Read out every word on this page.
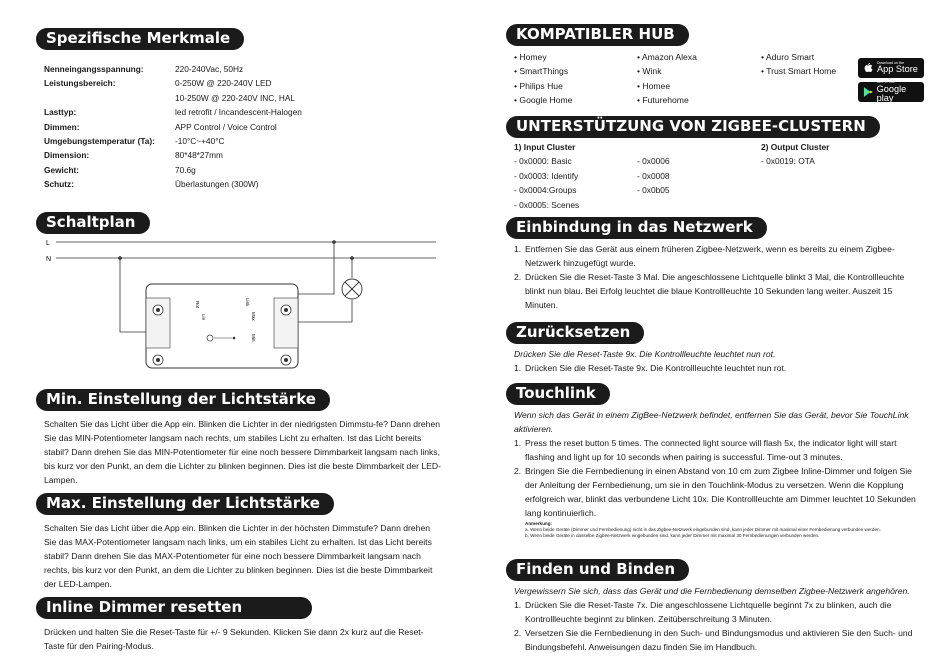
Spezifische Merkmale
Nenneingangsspannung:	220-240Vac, 50Hz
Leistungsbereich:	0-250W @ 220-240V LED
10-250W @ 220-240V INC, HAL
Lasttyp:	led retrofit / Incandescent-Halogen
Dimmen:	APP Control / Voice Control
Umgebungstemperatur (Ta):	-10°C~+40°C
Dimension:	80*48*27mm
Gewicht:	70.6g
Schutz:	Überlastungen (300W)
Schaltplan
L
N
Rot
Lin
Link
Max
Min.
Min. Einstellung der Lichtstärke
Schalten Sie das Licht über die App ein. Blinken die Lichter in der niedrigsten Dimmstu-fe? Dann drehen Sie das MIN-Potentiometer langsam nach rechts, um stabiles Licht zu erhalten. Ist das Licht bereits stabil? Dann drehen Sie das MIN-Potentiometer für eine noch bessere Dimmbarkeit langsam nach links, bis kurz vor den Punkt, an dem die Lichter zu blinken beginnen. Dies ist die beste Dimmbarkeit der LED-Lampen.
Max. Einstellung der Lichtstärke
Schalten Sie das Licht über die App ein. Blinken die Lichter in der höchsten Dimmstufe? Dann drehen Sie das MAX-Potentiometer langsam nach links, um ein stabiles Licht zu erhalten. Ist das Licht bereits stabil? Dann drehen Sie das MAX-Potentiometer für eine noch bessere Dimmbarkeit langsam nach rechts, bis kurz vor den Punkt, an dem die Lichter zu blinken beginnen. Dies ist die beste Dimmbarkeit der LED-Lampen.
Inline Dimmer resetten
Drücken und halten Sie die Reset-Taste für +/- 9 Sekunden. Klicken Sie dann 2x kurz auf die Reset-Taste für den Pairing-Modus.
KOMPATIBLER HUB
• Homey
• SmartThings
• Philips Hue
• Google Home
• Amazon Alexa
• Wink
• Homee
• Futurehome
• Aduro Smart
• Trust Smart Home
Download on the
App Store
GET IT ON
Google play
UNTERSTÜTZUNG VON ZIGBEE-CLUSTERN
1) Input Cluster
- 0x0000: Basic
- 0x0003: Identify
- 0x0004:Groups
- 0x0005: Scenes

- 0x0006
- 0x0008
- 0x0b05
2) Output Cluster
- 0x0019: OTA
Einbindung in das Netzwerk
1. Entfernen Sie das Gerät aus einem früheren Zigbee-Netzwerk, wenn es bereits zu einem Zigbee-Netzwerk hinzugefügt wurde.
2. Drücken Sie die Reset-Taste 3 Mal. Die angeschlossene Lichtquelle blinkt 3 Mal, die Kontrollleuchte blinkt nun blau. Bei Erfolg leuchtet die blaue Kontrollleuchte 10 Sekunden lang weiter. Auszeit 15 Minuten.
Zurücksetzen
Drücken Sie die Reset-Taste 9x. Die Kontrollleuchte leuchtet nun rot.
1. Drücken Sie die Reset-Taste 9x. Die Kontrollleuchte leuchtet nun rot.
Touchlink
Wenn sich das Gerät in einem ZigBee-Netzwerk befindet, entfernen Sie das Gerät, bevor Sie TouchLink aktivieren.
1. Press the reset button 5 times. The connected light source will flash 5x, the indicator light will start flashing and light up for 10 seconds when pairing is successful. Time-out 3 minutes.
2. Bringen Sie die Fernbedienung in einen Abstand von 10 cm zum Zigbee Inline-Dimmer und folgen Sie der Anleitung der Fernbedienung, um sie in den Touchlink-Modus zu versetzen. Wenn die Kopplung erfolgreich war, blinkt das verbundene Licht 10x. Die Kontrollleuchte am Dimmer leuchtet 10 Sekunden lang kontinuierlich.
Anmerkung:
a. Wenn beide Geräte (Dimmer und Fernbedienung) nicht in das Zigbee-Netzwerk eingebunden sind, kann jeder Dimmer mit maximal einer Fernbedienung verbunden werden.
b. Wenn beide Geräte in dasselbe Zigbee-Netzwerk eingebunden sind, kann jeder Dimmer mit maximal 30 Fernbedienungen verbunden werden.
Finden und Binden
Vergewissern Sie sich, dass das Gerät und die Fernbedienung demselben Zigbee-Netzwerk angehören.
1. Drücken Sie die Reset-Taste 7x. Die angeschlossene Lichtquelle beginnt 7x zu blinken, auch die Kontrollleuchte beginnt zu blinken. Zeitüberschreitung 3 Minuten.
2. Versetzen Sie die Fernbedienung in den Such- und Bindungsmodus und aktivieren Sie den Such- und Bindungsbefehl. Anweisungen dazu finden Sie im Handbuch.
